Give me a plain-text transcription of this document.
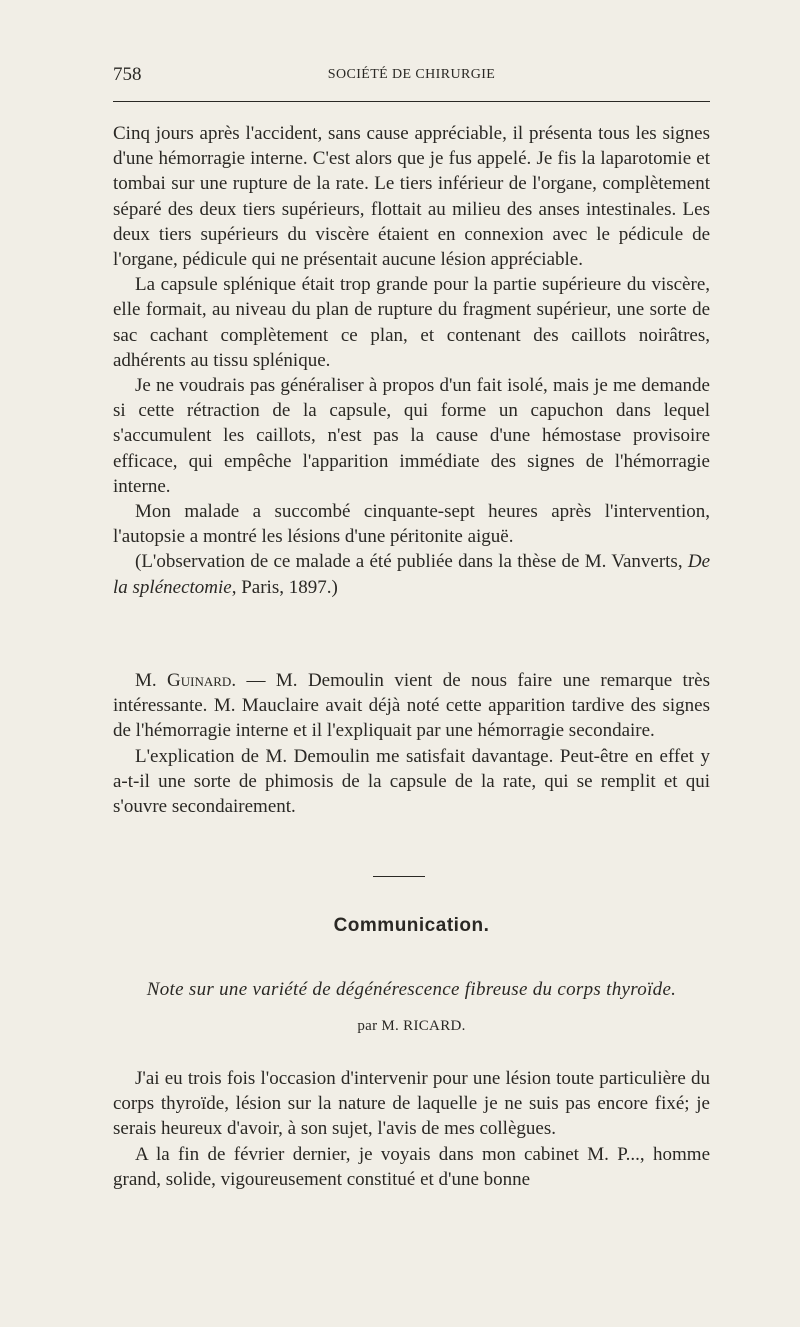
758	SOCIÉTÉ DE CHIRURGIE

Cinq jours après l'accident, sans cause appréciable, il présenta tous les signes d'une hémorragie interne. C'est alors que je fus appelé. Je fis la laparotomie et tombai sur une rupture de la rate. Le tiers inférieur de l'organe, complètement séparé des deux tiers supérieurs, flottait au milieu des anses intestinales. Les deux tiers supérieurs du viscère étaient en connexion avec le pédicule de l'organe, pédicule qui ne présentait aucune lésion appréciable.

La capsule splénique était trop grande pour la partie supérieure du viscère, elle formait, au niveau du plan de rupture du fragment supérieur, une sorte de sac cachant complètement ce plan, et contenant des caillots noirâtres, adhérents au tissu splénique.

Je ne voudrais pas généraliser à propos d'un fait isolé, mais je me demande si cette rétraction de la capsule, qui forme un capuchon dans lequel s'accumulent les caillots, n'est pas la cause d'une hémostase provisoire efficace, qui empêche l'apparition immédiate des signes de l'hémorragie interne.

Mon malade a succombé cinquante-sept heures après l'intervention, l'autopsie a montré les lésions d'une péritonite aiguë.

(L'observation de ce malade a été publiée dans la thèse de M. Vanverts, De la splénectomie, Paris, 1897.)

M. Guinard. — M. Demoulin vient de nous faire une remarque très intéressante. M. Mauclaire avait déjà noté cette apparition tardive des signes de l'hémorragie interne et il l'expliquait par une hémorragie secondaire.

L'explication de M. Demoulin me satisfait davantage. Peut-être en effet y a-t-il une sorte de phimosis de la capsule de la rate, qui se remplit et qui s'ouvre secondairement.

Communication.
Note sur une variété de dégénérescence fibreuse du corps thyroïde.
par M. RICARD.

J'ai eu trois fois l'occasion d'intervenir pour une lésion toute particulière du corps thyroïde, lésion sur la nature de laquelle je ne suis pas encore fixé; je serais heureux d'avoir, à son sujet, l'avis de mes collègues.

A la fin de février dernier, je voyais dans mon cabinet M. P..., homme grand, solide, vigoureusement constitué et d'une bonne
